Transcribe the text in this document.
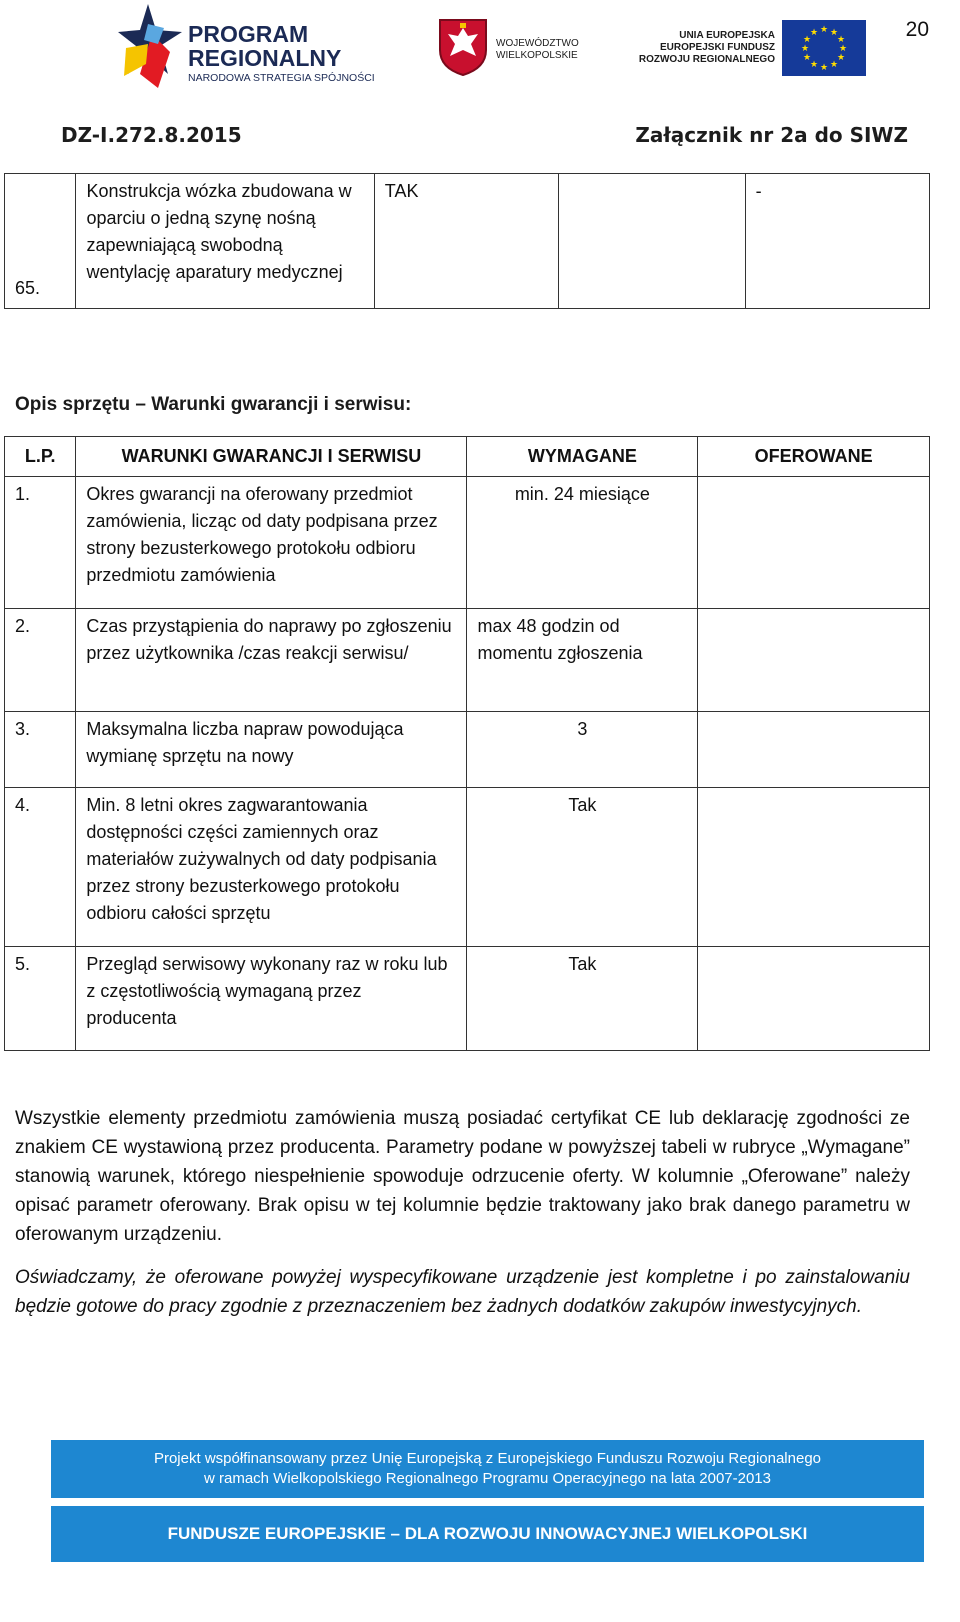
20
PROGRAM
REGIONALNY
NARODOWA STRATEGIA SPÓJNOŚCI
WOJEWÓDZTWO
WIELKOPOLSKIE
UNIA EUROPEJSKA
EUROPEJSKI FUNDUSZ
ROZWOJU REGIONALNEGO
★ ★
★
★
★
★
★
★
★
★
★
★
DZ-I.272.8.2015	Załącznik nr 2a do SIWZ
65.	Konstrukcja wózka zbudowana w oparciu o jedną szynę nośną zapewniającą swobodną wentylację aparatury medycznej	TAK		-
Opis sprzętu – Warunki gwarancji i serwisu:
L.P.	WARUNKI GWARANCJI I SERWISU	WYMAGANE	OFEROWANE
1.	Okres gwarancji na oferowany przedmiot zamówienia, licząc od daty podpisana przez strony bezusterkowego protokołu odbioru przedmiotu zamówienia	min. 24 miesiące	
2.	Czas przystąpienia do naprawy po zgłoszeniu przez użytkownika /czas reakcji serwisu/	max 48 godzin od momentu zgłoszenia	
3.	Maksymalna liczba napraw powodująca wymianę sprzętu na nowy	3	
4.	Min. 8 letni okres zagwarantowania dostępności części zamiennych oraz materiałów zużywalnych od daty podpisania przez strony bezusterkowego protokołu odbioru całości sprzętu	Tak	
5.	Przegląd serwisowy wykonany raz w roku lub z częstotliwością wymaganą przez producenta	Tak	
Wszystkie elementy przedmiotu zamówienia muszą posiadać certyfikat CE lub deklarację zgodności ze znakiem CE wystawioną przez producenta. Parametry podane w powyższej tabeli w rubryce „Wymagane” stanowią warunek, którego niespełnienie spowoduje odrzucenie oferty. W kolumnie „Oferowane” należy opisać parametr oferowany. Brak opisu w tej kolumnie będzie traktowany jako brak danego parametru w oferowanym urządzeniu.
Oświadczamy, że oferowane powyżej wyspecyfikowane urządzenie jest kompletne i po zainstalowaniu będzie gotowe do pracy zgodnie z przeznaczeniem bez żadnych dodatków zakupów inwestycyjnych.
Projekt współfinansowany przez Unię Europejską z Europejskiego Funduszu Rozwoju Regionalnego
w ramach Wielkopolskiego Regionalnego Programu Operacyjnego na lata 2007-2013
FUNDUSZE EUROPEJSKIE – DLA ROZWOJU INNOWACYJNEJ WIELKOPOLSKI
